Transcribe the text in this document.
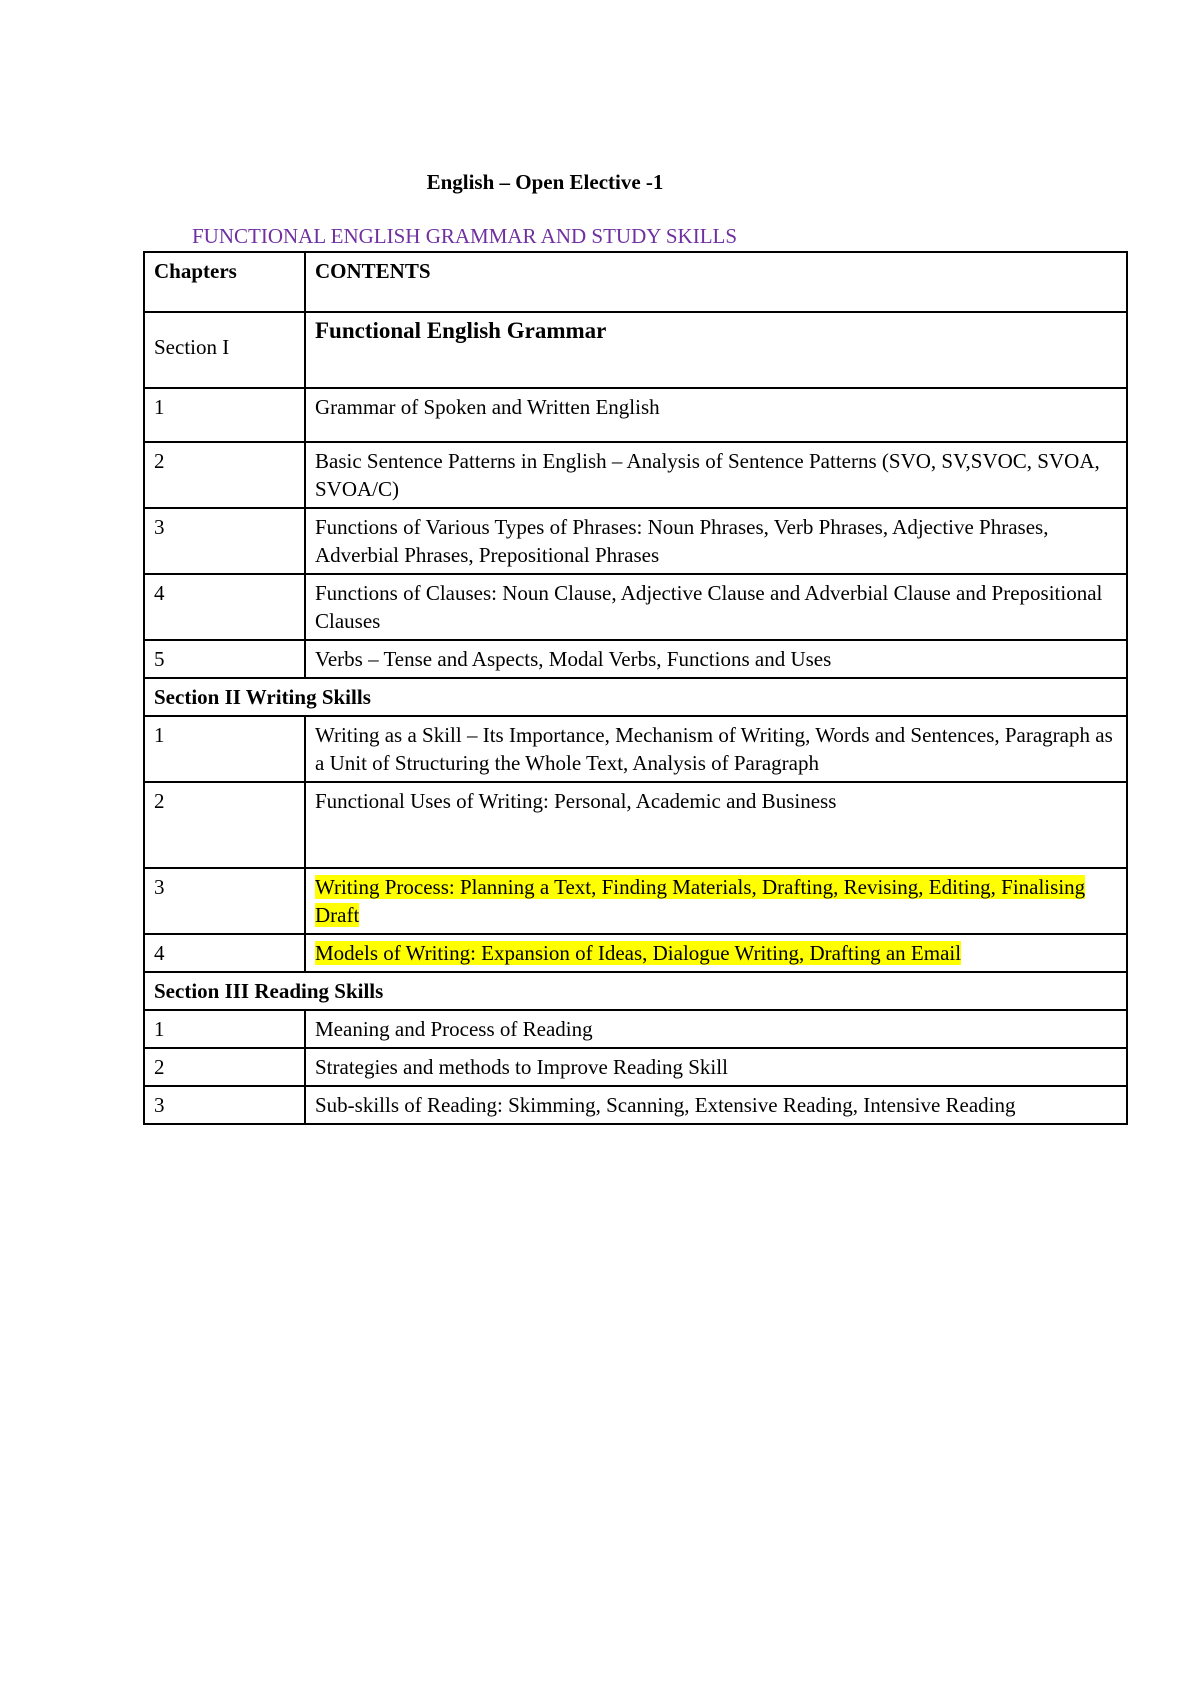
English – Open Elective -1
FUNCTIONAL ENGLISH GRAMMAR AND STUDY SKILLS
Chapters	CONTENTS
Section I	Functional English Grammar
1	Grammar of Spoken and Written English
2	Basic Sentence Patterns in English – Analysis of Sentence Patterns (SVO, SV,SVOC, SVOA, SVOA/C)
3	Functions of Various Types of Phrases: Noun Phrases, Verb Phrases, Adjective Phrases, Adverbial Phrases, Prepositional Phrases
4	Functions of Clauses: Noun Clause, Adjective Clause and Adverbial Clause and Prepositional Clauses
5	Verbs – Tense and Aspects, Modal Verbs, Functions and Uses
Section II Writing Skills	
1	Writing as a Skill – Its Importance, Mechanism of Writing, Words and Sentences, Paragraph as a Unit of Structuring the Whole Text, Analysis of Paragraph
2	Functional Uses of Writing: Personal, Academic and Business
3	Writing Process: Planning a Text, Finding Materials, Drafting, Revising, Editing, Finalising Draft
4	Models of Writing: Expansion of Ideas, Dialogue Writing, Drafting an Email
Section III Reading Skills	
1	Meaning and Process of Reading
2	Strategies and methods to Improve Reading Skill
3	Sub-skills of Reading: Skimming, Scanning, Extensive Reading, Intensive Reading
